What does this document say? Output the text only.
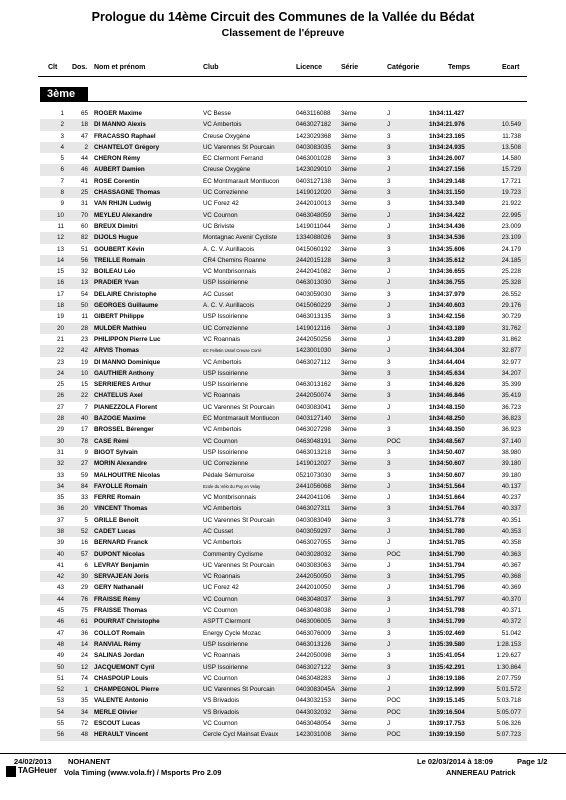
Prologue du 14ème Circuit des Communes de la Vallée du Bédat
Classement de l'épreuve
Clt Dos. Nom et prénom	Club	Licence	Série	Catégorie	Temps	Ecart
3ème
1	65 ROGER Maxime	VC Besse	0463116088 3ème	J	1h34:11.427
2	18 DI MANNO Alexis	VC Ambertois	0463027182 3ème	J	1h34:21.976	10.549
3	47 FRACASSO Raphael	Creuse Oxygène	1423029368 3ème	3	1h34:23.165	11.738
4	2 CHANTELOT Grégory	UC Varennes St Pourcain	0403083035 3ème	3	1h34:24.935	13.508
5	44 CHERON Rémy	EC Clermont Ferrand	0463001028 3ème	3	1h34:26.007	14.580
6	46 AUBERT Damien	Creuse Oxygène	1423029010 3ème	J	1h34:27.156	15.729
7	41 ROSE Corentin	EC Montmarault Montlucon	0403127138 3ème	3	1h34:29.148	17.721
8	25 CHASSAGNE Thomas	UC Correzienne	1419012020 3ème	3	1h34:31.150	19.723
9	31 VAN RHIJN Ludwig	UC Forez 42	2442010013 3ème	3	1h34:33.349	21.922
10	70 MEYLEU Alexandre	VC Cournon	0463048059 3ème	J	1h34:34.422	22.995
11	60 BREUX Dimitri	UC Briviste	1419011044 3ème	J	1h34:34.436	23.009
12	82 DIJOLS Hugue	Montagnac Avenir Cycliste	1334088026 3ème	3	1h34:34.536	23.109
13	51 GOUBERT Kévin	A. C. V. Aurillacois	0415060192 3ème	3	1h34:35.606	24.179
14	56 TREILLE Romain	CR4 Chemins Roanne	2442015128 3ème	3	1h34:35.612	24.185
15	32 BOILEAU Léo	VC Montbrisonnais	2442041082 3ème	J	1h34:36.655	25.228
16	13 PRADIER Yvan	USP Issoirienne	0463013030 3ème	J	1h34:36.755	25.328
17	54 DELAIRE Christophe	AC Cusset	0403059030 3ème	3	1h34:37.979	26.552
18	50 GEORGES Guillaume	A. C. V. Aurillacois	0415060229 3ème	J	1h34:40.603	29.176
19	11 GIBERT Philippe	USP Issoirienne	0463013135 3ème	3	1h34:42.156	30.729
20	28 MULDER Mathieu	UC Correzienne	1419012116 3ème	J	1h34:43.189	31.762
21	23 PHILIPPON Pierre Luc	VC Roannais	2442050256 3ème	J	1h34:43.289	31.862
22	42 ARVIS Thomas	EC Felletin Ussel Creuse Corrè	1423001030 3ème	J	1h34:44.304	32.877
23	19 DI MANNO Dominique	VC Ambertois	0463027112 3ème	3	1h34:44.404	32.977
24	10 GAUTHIER Anthony	USP Issoirienne	3ème	3	1h34:45.634	34.207
25	15 SERRIERES Arthur	USP Issoirienne	0463013162 3ème	3	1h34:46.826	35.399
26	22 CHATELUS Axel	VC Roannais	2442050074 3ème	3	1h34:46.846	35.419
27	7 PIANEZZOLA Florent	UC Varennes St Pourcain	0403083041 3ème	J	1h34:48.150	36.723
28	40 BAZOGE Maxime	EC Montmarault Montlucon	0403127140 3ème	J	1h34:48.250	36.823
29	17 BROSSEL Bérenger	VC Ambertois	0463027298 3ème	3	1h34:48.350	36.923
30	78 CASE Rémi	VC Cournon	0463048191 3ème	POC	1h34:48.567	37.140
31	9 BIGOT Sylvain	USP Issoirienne	0463013218 3ème	3	1h34:50.407	38.980
32	27 MORIN Alexandre	UC Correzienne	1419012027 3ème	3	1h34:50.607	39.180
33	59 MALHOUITRE Nicolas	Pédale Sémuroise	0521073030 3ème	3	1h34:50.607	39.180
34	84 FAYOLLE Romain	Ecole du Vélo du Puy en Velay	2441056068 3ème	J	1h34:51.564	40.137
35	33 FERRE Romain	VC Montbrisonnais	2442041106 3ème	J	1h34:51.664	40.237
36	20 VINCENT Thomas	VC Ambertois	0463027311 3ème	3	1h34:51.764	40.337
37	5 GRILLE Benoît	UC Varennes St Pourcain	0403083049 3ème	3	1h34:51.778	40.351
38	52 CADET Lucas	AC Cusset	0403059297 3ème	J	1h34:51.780	40.353
39	16 BERNARD Franck	VC Ambertois	0463027055 3ème	J	1h34:51.785	40.358
40	57 DUPONT Nicolas	Commentry Cyclisme	0403028032 3ème	POC	1h34:51.790	40.363
41	6 LEVRAY Benjamin	UC Varennes St Pourcain	0403083063 3ème	J	1h34:51.794	40.367
42	30 SERVAJEAN Joris	VC Roannais	2442050050 3ème	3	1h34:51.795	40.368
43	29 GERY Nathanaël	UC Forez 42	2442010050 3ème	J	1h34:51.796	40.369
44	76 FRAISSE Rémy	VC Cournon	0463048037 3ème	3	1h34:51.797	40.370
45	75 FRAISSE Thomas	VC Cournon	0463048038 3ème	J	1h34:51.798	40.371
46	61 POURRAT Christophe	ASPTT Clermont	0463006005 3ème	3	1h34:51.799	40.372
47	36 COLLOT Romain	Energy Cycle Mozac	0463076009 3ème	3	1h35:02.469	51.042
48	14 RANVIAL Rémy	USP Issoirienne	0463013126 3ème	J	1h35:39.580	1:28.153
49	24 SALINAS Jordan	VC Roannais	2442050098 3ème	3	1h35:41.054	1:29.627
50	12 JACQUEMONT Cyril	USP Issoirienne	0463027122 3ème	3	1h35:42.291	1:30.864
51	74 CHASPOUP Louis	VC Cournon	0463048283 3ème	J	1h36:19.186	2:07.759
52	1 CHAMPEGNOL Pierre	UC Varennes St Pourcain	0403083045A 3ème	J	1h39:12.999	5:01.572
53	35 VALENTE Antonio	VS Brivadois	0443032153 3ème	POC	1h39:15.145	5:03.718
54	34 MERLE Olivier	VS Brivadois	0443032032 3ème	POC	1h39:16.504	5:05.077
55	72 ESCOUT Lucas	VC Cournon	0463048054 3ème	J	1h39:17.753	5:06.326
56	48 HERAULT Vincent	Cercle Cycl Mainsat Evaux	1423031008 3ème	POC	1h39:19.150	5:07.723
24/02/2013 NOHANENT	Le 02/03/2014 à 18:09	Page 1/2
TAGHeuer Vola Timing (www.vola.fr) / Msports Pro 2.09	ANNEREAU Patrick
